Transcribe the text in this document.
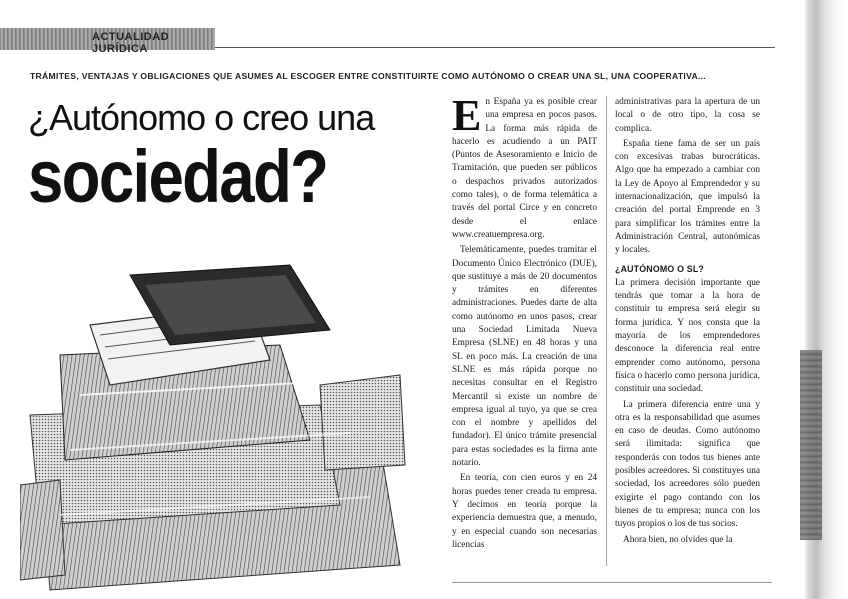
ACTUALIDAD JURÍDICA
TRÁMITES, VENTAJAS Y OBLIGACIONES QUE ASUMES AL ESCOGER ENTRE CONSTITUIRTE COMO AUTÓNOMO O CREAR UNA SL, UNA COOPERATIVA...
¿Autónomo o creo una
sociedad?

En España ya es posible crear una empresa en pocos pasos. La forma más rápida de hacerlo es acudiendo a un PAIT (Puntos de Asesoramiento e Inicio de Tramitación, que pueden ser públicos o despachos privados autorizados como tales), o de forma telemática a través del portal Circe y en concreto desde el enlace www.creatuempresa.org.

Telemáticamente, puedes tramitar el Documento Único Electrónico (DUE), que sustituye a más de 20 documentos y trámites en diferentes administraciones. Puedes darte de alta como autónomo en unos pasos, crear una Sociedad Limitada Nueva Empresa (SLNE) en 48 horas y una SL en poco más. La creación de una SLNE es más rápida porque no necesitas consultar en el Registro Mercantil si existe un nombre de empresa igual al tuyo, ya que se crea con el nombre y apellidos del fundador). El único trámite presencial para estas sociedades es la firma ante notario.

En teoría, con cien euros y en 24 horas puedes tener creada tu empresa. Y decimos en teoría porque la experiencia demuestra que, a menudo, y en especial cuando son necesarias licencias

administrativas para la apertura de un local o de otro tipo, la cosa se complica.

España tiene fama de ser un país con excesivas trabas burocráticas. Algo que ha empezado a cambiar con la Ley de Apoyo al Emprendedor y su internacionalización, que impulsó la creación del portal Emprende en 3 para simplificar los trámites entre la Administración Central, autonómicas y locales.

¿AUTÓNOMO O SL?

La primera decisión importante que tendrás que tomar a la hora de constituir tu empresa será elegir su forma jurídica. Y nos consta que la mayoría de los emprendedores desconoce la diferencia real entre emprender como autónomo, persona física o hacerlo como persona jurídica, constituir una sociedad.

La primera diferencia entre una y otra es la responsabilidad que asumes en caso de deudas. Como autónomo será ilimitada: significa que responderás con todos tus bienes ante posibles acreedores. Si constituyes una sociedad, los acreedores sólo pueden exigirte el pago contando con los bienes de tu empresa; nunca con los tuyos propios o los de tus socios.

Ahora bien, no olvides que la
